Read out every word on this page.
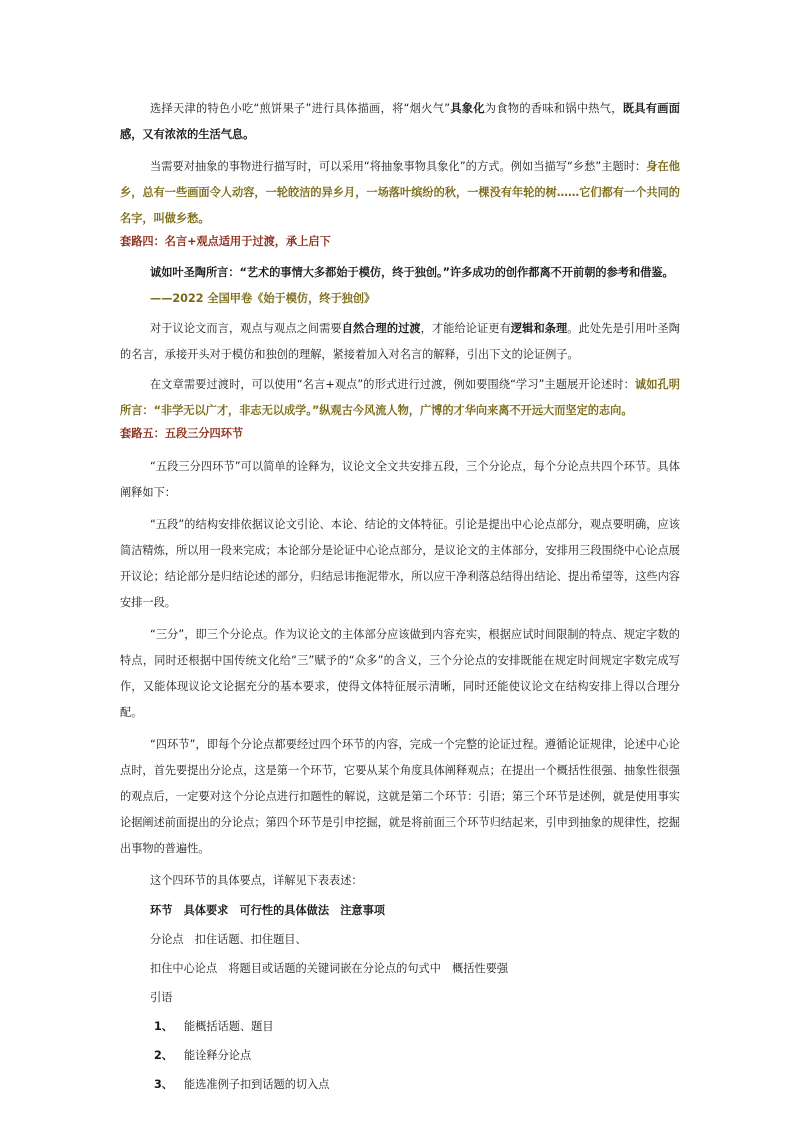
选择天津的特色小吃“煎饼果子”进行具体描画，将“烟火气”具象化为食物的香味和锅中热气，既具有画面感，又有浓浓的生活气息。

当需要对抽象的事物进行描写时，可以采用“将抽象事物具象化”的方式。例如当描写“乡愁”主题时：身在他乡，总有一些画面令人动容，一轮皎洁的异乡月，一场落叶缤纷的秋，一棵没有年轮的树……它们都有一个共同的名字，叫做乡愁。

套路四：名言+观点适用于过渡，承上启下

诚如叶圣陶所言：“艺术的事情大多都始于模仿，终于独创。”许多成功的创作都离不开前朝的参考和借鉴。

——2022 全国甲卷《始于模仿，终于独创》

对于议论文而言，观点与观点之间需要自然合理的过渡，才能给论证更有逻辑和条理。此处先是引用叶圣陶的名言，承接开头对于模仿和独创的理解，紧接着加入对名言的解释，引出下文的论证例子。

在文章需要过渡时，可以使用“名言+观点”的形式进行过渡，例如要围绕“学习”主题展开论述时：诚如孔明所言：“非学无以广才，非志无以成学。”纵观古今风流人物，广博的才华向来离不开远大而坚定的志向。

套路五：五段三分四环节

“五段三分四环节”可以简单的诠释为，议论文全文共安排五段，三个分论点，每个分论点共四个环节。具体阐释如下：

“五段”的结构安排依据议论文引论、本论、结论的文体特征。引论是提出中心论点部分，观点要明确，应该简洁精炼，所以用一段来完成；本论部分是论证中心论点部分，是议论文的主体部分，安排用三段围绕中心论点展开议论；结论部分是归结论述的部分，归结忌讳拖泥带水，所以应干净利落总结得出结论、提出希望等，这些内容安排一段。

“三分”，即三个分论点。作为议论文的主体部分应该做到内容充实，根据应试时间限制的特点、规定字数的特点，同时还根据中国传统文化给“三”赋予的“众多”的含义，三个分论点的安排既能在规定时间规定字数完成写作，又能体现议论文论据充分的基本要求，使得文体特征展示清晰，同时还能使议论文在结构安排上得以合理分配。

“四环节”，即每个分论点都要经过四个环节的内容，完成一个完整的论证过程。遵循论证规律，论述中心论点时，首先要提出分论点，这是第一个环节，它要从某个角度具体阐释观点；在提出一个概括性很强、抽象性很强的观点后，一定要对这个分论点进行扣题性的解说，这就是第二个环节：引语；第三个环节是述例，就是使用事实论据阐述前面提出的分论点；第四个环节是引申挖掘，就是将前面三个环节归结起来，引申到抽象的规律性，挖掘出事物的普遍性。

这个四环节的具体要点，详解见下表表述：

环节　具体要求　可行性的具体做法　注意事项

分论点　扣住话题、扣住题目、

扣住中心论点　将题目或话题的关键词嵌在分论点的句式中　概括性要强

引语

1、 能概括话题、题目

2、 能诠释分论点

3、 能选准例子扣到话题的切入点
